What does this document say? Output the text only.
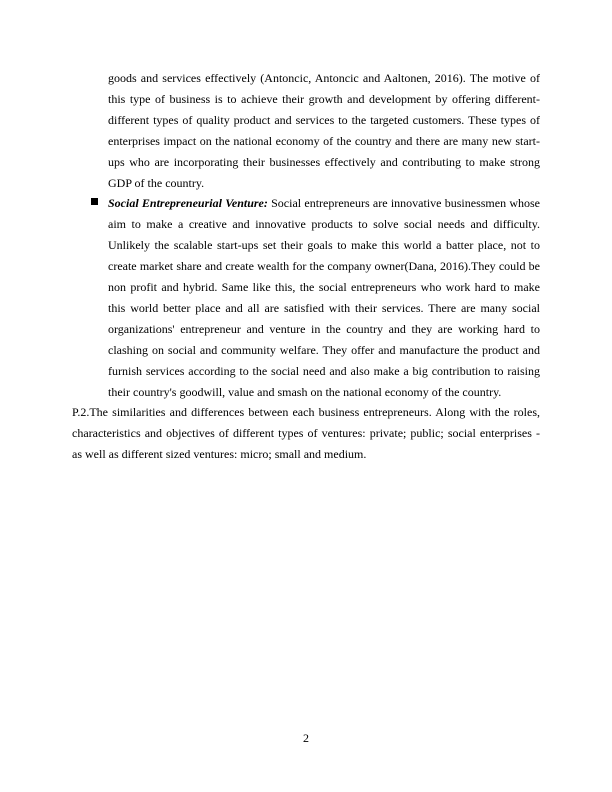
goods and services effectively (Antoncic, Antoncic and Aaltonen, 2016). The motive of
this type of business is to achieve their growth and development by offering different-
different types of quality product and services to the targeted customers. These types of
enterprises impact on the national economy of the country and there are many new start-
ups who are incorporating their businesses effectively and contributing to make strong
GDP of the country.
Social Entrepreneurial Venture: Social entrepreneurs are innovative businessmen whose
aim to make a creative and innovative products to solve social needs and difficulty.
Unlikely the scalable start-ups set their goals to make this world a batter place, not to
create market share and create wealth for the company owner(Dana, 2016).They could be
non profit and hybrid. Same like this, the social entrepreneurs who work hard to make
this world better place and all are satisfied with their services. There are many social
organizations' entrepreneur and venture in the country and they are working hard to
clashing on social and community welfare. They offer and manufacture the product and
furnish services according to the social need and also make a big contribution to raising
their country's goodwill, value and smash on the national economy of the country.
P.2.The similarities and differences between each business entrepreneurs. Along with the roles,
characteristics and objectives of different types of ventures: private; public; social enterprises -
as well as different sized ventures: micro; small and medium.
2
